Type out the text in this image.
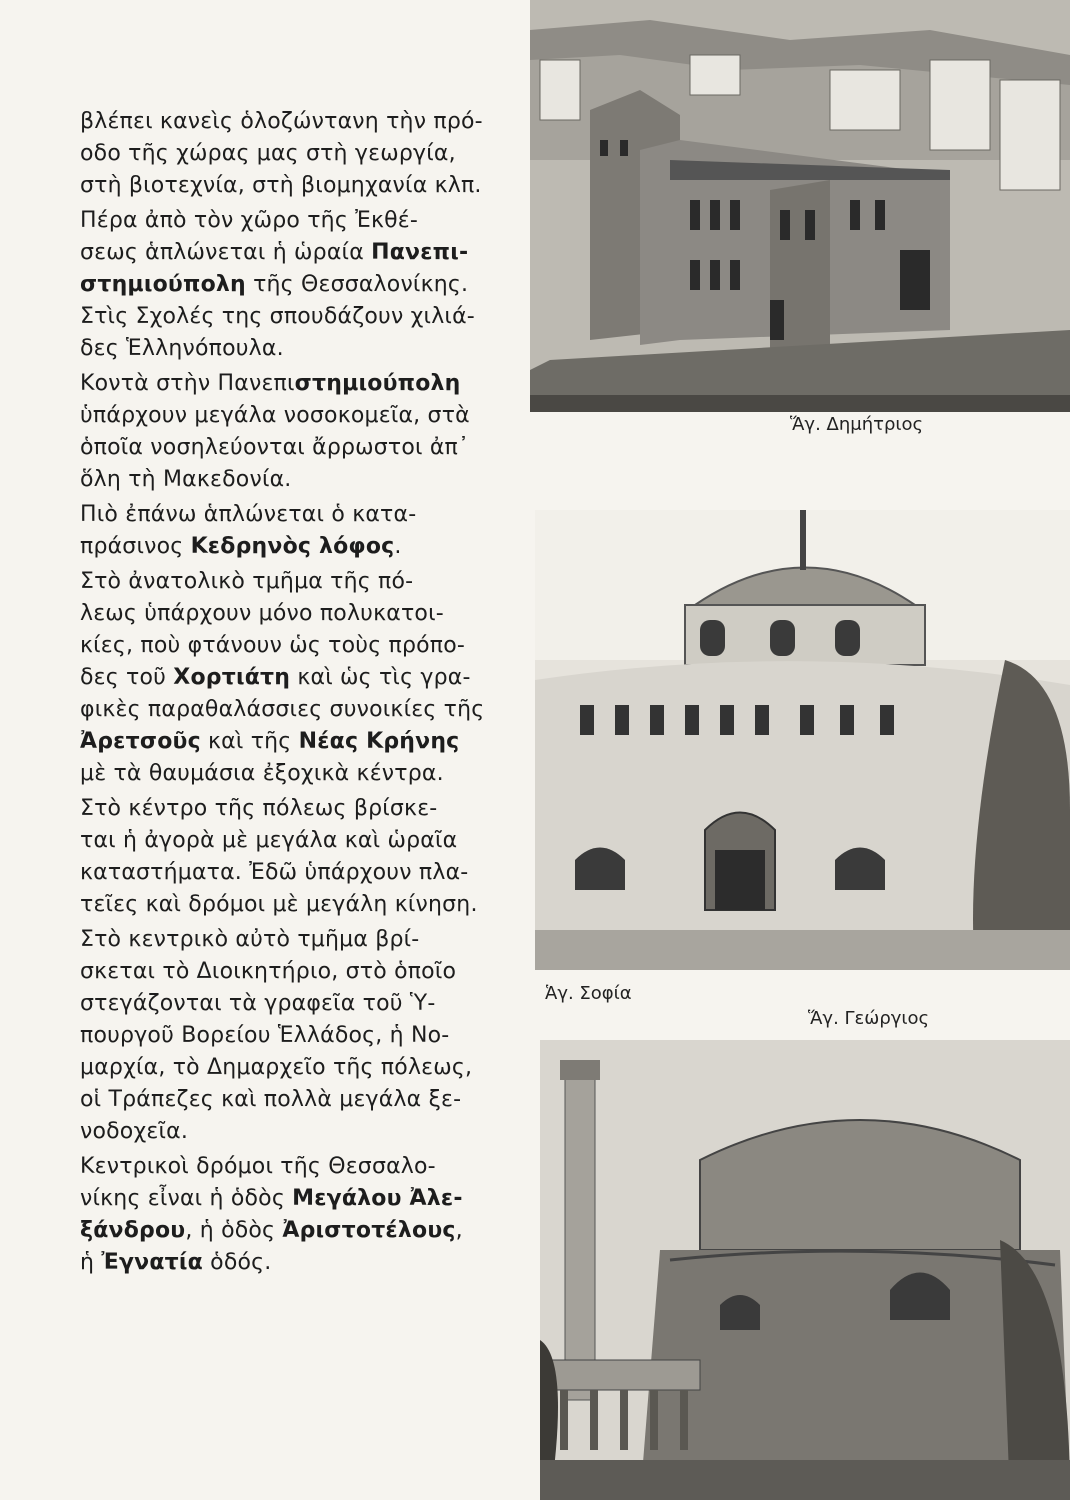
βλέπει κανεὶς ὁλοζώντανη τὴν πρό-
οδο τῆς χώρας μας στὴ γεωργία,
στὴ βιοτεχνία, στὴ βιομηχανία κλπ.

Πέρα ἀπὸ τὸν χῶρο τῆς Ἐκθέ-
σεως ἁπλώνεται ἡ ὡραία Πανεπι-
στημιούπολη τῆς Θεσσαλονίκης.
Στὶς Σχολές της σπουδάζουν χιλιά-
δες Ἑλληνόπουλα.

Κοντὰ στὴν Πανεπιστημιούπολη
ὑπάρχουν μεγάλα νοσοκομεῖα, στὰ
ὁποῖα νοσηλεύονται ἄρρωστοι ἀπ᾿
ὅλη τὴ Μακεδονία.

Πιὸ ἐπάνω ἁπλώνεται ὁ κατα-
πράσινος Κεδρηνὸς λόφος.

Στὸ ἀνατολικὸ τμῆμα τῆς πό-
λεως ὑπάρχουν μόνο πολυκατοι-
κίες, ποὺ φτάνουν ὡς τοὺς πρόπο-
δες τοῦ Χορτιάτη καὶ ὡς τὶς γρα-
φικὲς παραθαλάσσιες συνοικίες τῆς
Ἀρετσοῦς καὶ τῆς Νέας Κρήνης
μὲ τὰ θαυμάσια ἐξοχικὰ κέντρα.

Στὸ κέντρο τῆς πόλεως βρίσκε-
ται ἡ ἀγορὰ μὲ μεγάλα καὶ ὡραῖα
καταστήματα. Ἐδῶ ὑπάρχουν πλα-
τεῖες καὶ δρόμοι μὲ μεγάλη κίνηση.

Στὸ κεντρικὸ αὐτὸ τμῆμα βρί-
σκεται τὸ Διοικητήριο, στὸ ὁποῖο
στεγάζονται τὰ γραφεῖα τοῦ Ὑ-
πουργοῦ Βορείου Ἑλλάδος, ἡ Νο-
μαρχία, τὸ Δημαρχεῖο τῆς πόλεως,
οἱ Τράπεζες καὶ πολλὰ μεγάλα ξε-
νοδοχεῖα.

Κεντρικοὶ δρόμοι τῆς Θεσσαλο-
νίκης εἶναι ἡ ὁδὸς Μεγάλου Ἀλε-
ξάνδρου, ἡ ὁδὸς Ἀριστοτέλους,
ἡ Ἐγνατία ὁδός.

Ἅγ. Δημήτριος
Ἁγ. Σοφία
Ἅγ. Γεώργιος
